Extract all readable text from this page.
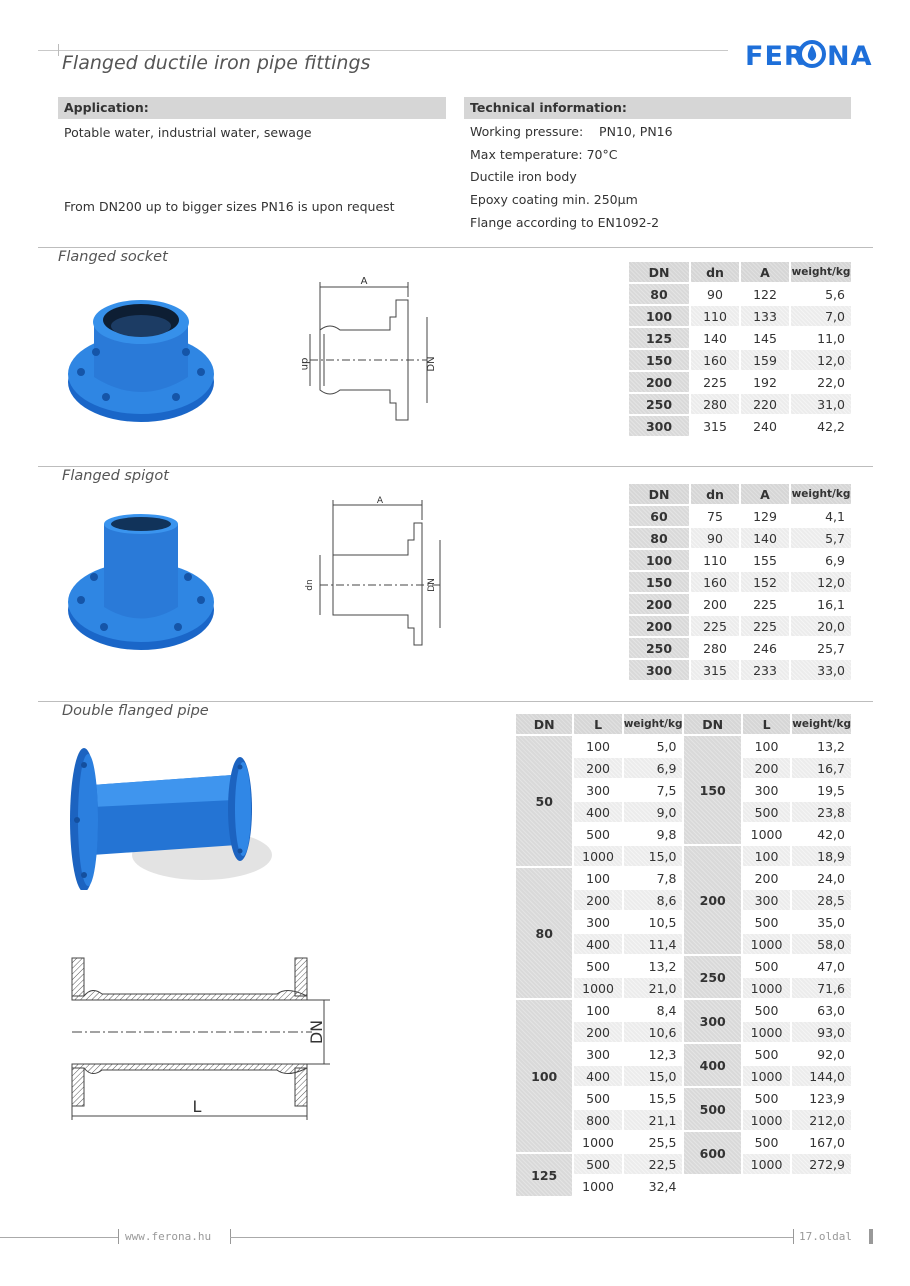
Flanged ductile iron pipe fittings	FER NA
Application:
Potable water, industrial water, sewage
From DN200 up to bigger sizes PN16 is upon request
Technical information:
Working pressure:    PN10, PN16
Max temperature: 70°C
Ductile iron body
Epoxy coating min. 250µm
Flange according to EN1092-2
Flanged socket
A
dn	DN
DN	dn	A	weight/kg
80	90	122	5,6
100	110	133	7,0
125	140	145	11,0
150	160	159	12,0
200	225	192	22,0
250	280	220	31,0
300	315	240	42,2
Flanged spigot
A
dn	DN
DN	dn	A	weight/kg
60	75	129	4,1
80	90	140	5,7
100	110	155	6,9
150	160	152	12,0
200	200	225	16,1
200	225	225	20,0
250	280	246	25,7
300	315	233	33,0
Double flanged pipe
DN
L
DN	L	weight/kg	DN	L	weight/kg
50	100	5,0	150	100	13,2
	200	6,9		200	16,7
	300	7,5		300	19,5
	400	9,0		500	23,8
	500	9,8		1000	42,0
	1000	15,0	200	100	18,9
80	100	7,8		200	24,0
	200	8,6		300	28,5
	300	10,5		500	35,0
	400	11,4		1000	58,0
	500	13,2	250	500	47,0
	1000	21,0		1000	71,6
100	100	8,4	300	500	63,0
	200	10,6		1000	93,0
	300	12,3	400	500	92,0
	400	15,0		1000	144,0
	500	15,5	500	500	123,9
	800	21,1		1000	212,0
	1000	25,5	600	500	167,0
125	500	22,5		1000	272,9
	1000	32,4			
www.ferona.hu	17.oldal
